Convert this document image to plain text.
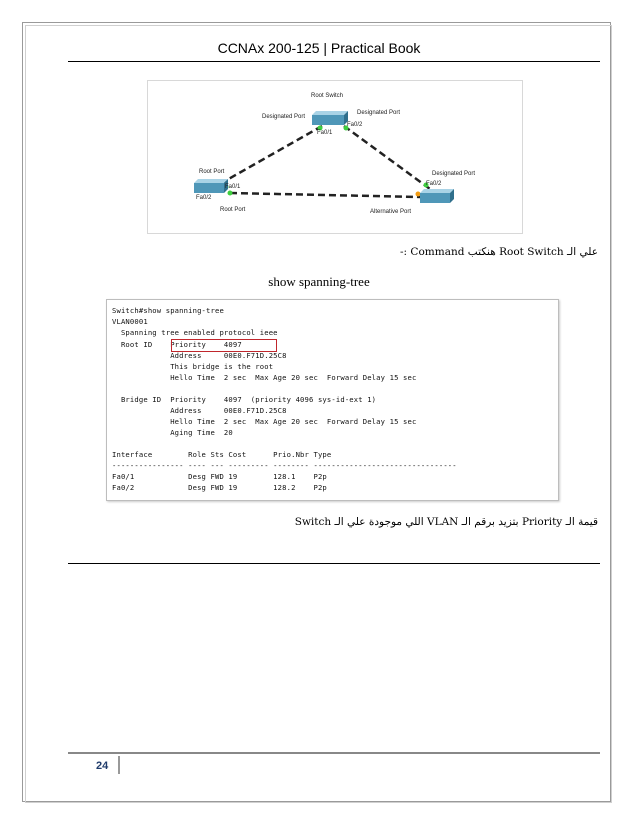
CCNAx 200-125 | Practical Book
Root Switch
Designated Port
Designated Port
Fa0/1
Fa0/2
Root Port
Fa0/1
Fa0/2
Root Port
Designated Port
Fa0/2
Alternative Port
علي الـ Root Switch هنكتب Command :-
show spanning-tree
Switch#show spanning-tree
VLAN0001
Spanning tree enabled protocol ieee
Root ID    Priority    4097
Address     00E0.F71D.25C8
This bridge is the root
Hello Time  2 sec  Max Age 20 sec  Forward Delay 15 sec
Bridge ID  Priority    4097  (priority 4096 sys-id-ext 1)
Address     00E0.F71D.25C8
Hello Time  2 sec  Max Age 20 sec  Forward Delay 15 sec
Aging Time  20
Interface        Role Sts Cost      Prio.Nbr Type
---------------- ---- --- --------- -------- --------------------------------
Fa0/1            Desg FWD 19        128.1    P2p
Fa0/2            Desg FWD 19        128.2    P2p
قيمة الـ Priority بتزيد برقم الـ VLAN اللي موجودة علي الـ Switch
24
